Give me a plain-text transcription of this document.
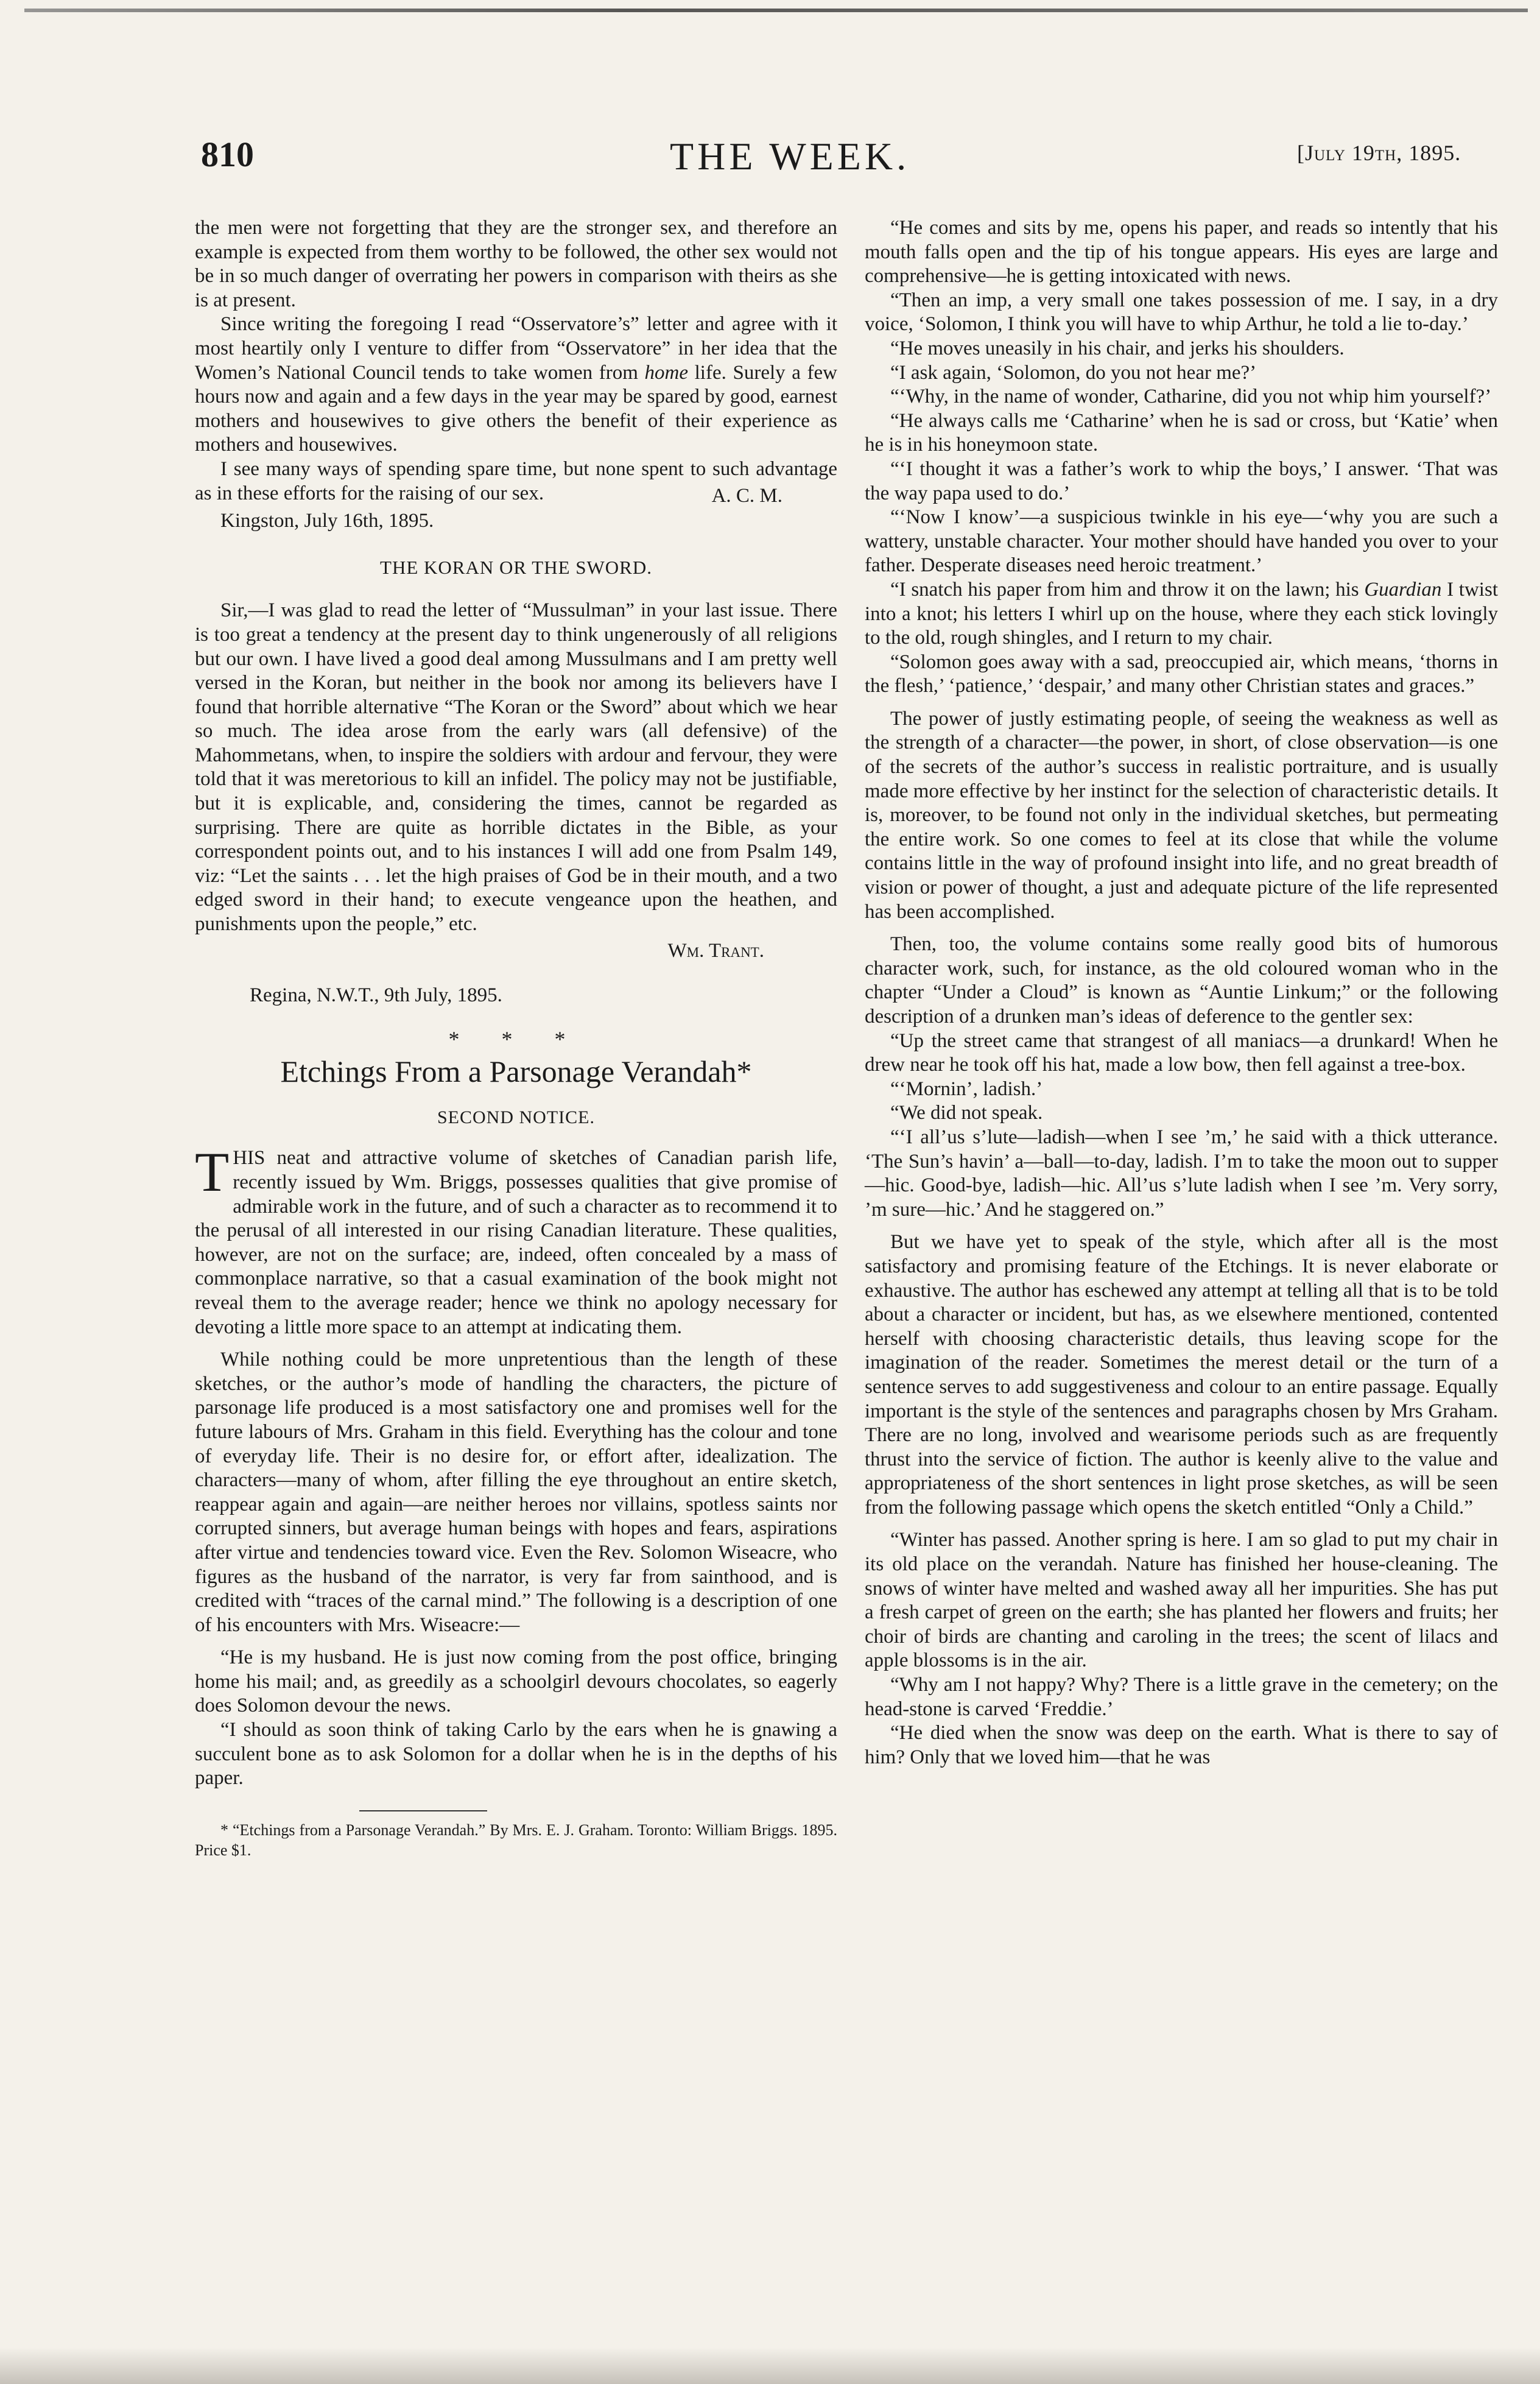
810	THE WEEK.	[July 19th, 1895.

the men were not forgetting that they are the stronger sex, and therefore an example is expected from them worthy to be followed, the other sex would not be in so much danger of overrating her powers in comparison with theirs as she is at present.

Since writing the foregoing I read “Osservatore’s” letter and agree with it most heartily only I venture to differ from “Osservatore” in her idea that the Women’s National Council tends to take women from home life. Surely a few hours now and again and a few days in the year may be spared by good, earnest mothers and housewives to give others the benefit of their experience as mothers and housewives.

I see many ways of spending spare time, but none spent to such advantage as in these efforts for the raising of our sex.	A. C. M.

Kingston, July 16th, 1895.

THE KORAN OR THE SWORD.

Sir,—I was glad to read the letter of “Mussulman” in your last issue. There is too great a tendency at the present day to think ungenerously of all religions but our own. I have lived a good deal among Mussulmans and I am pretty well versed in the Koran, but neither in the book nor among its believers have I found that horrible alternative “The Koran or the Sword” about which we hear so much. The idea arose from the early wars (all defensive) of the Mahommetans, when, to inspire the soldiers with ardour and fervour, they were told that it was meretorious to kill an infidel. The policy may not be justifiable, but it is explicable, and, considering the times, cannot be regarded as surprising. There are quite as horrible dictates in the Bible, as your correspondent points out, and to his instances I will add one from Psalm 149, viz: “Let the saints . . . let the high praises of God be in their mouth, and a two edged sword in their hand; to execute vengeance upon the heathen, and punishments upon the people,” etc.

Wm. Trant.

Regina, N.W.T., 9th July, 1895.

* * *
Etchings From a Parsonage Verandah*
SECOND NOTICE.

THIS neat and attractive volume of sketches of Canadian parish life, recently issued by Wm. Briggs, possesses qualities that give promise of admirable work in the future, and of such a character as to recommend it to the perusal of all interested in our rising Canadian literature. These qualities, however, are not on the surface; are, indeed, often concealed by a mass of commonplace narrative, so that a casual examination of the book might not reveal them to the average reader; hence we think no apology necessary for devoting a little more space to an attempt at indicating them.

While nothing could be more unpretentious than the length of these sketches, or the author’s mode of handling the characters, the picture of parsonage life produced is a most satisfactory one and promises well for the future labours of Mrs. Graham in this field. Everything has the colour and tone of everyday life. Their is no desire for, or effort after, idealization. The characters—many of whom, after filling the eye throughout an entire sketch, reappear again and again—are neither heroes nor villains, spotless saints nor corrupted sinners, but average human beings with hopes and fears, aspirations after virtue and tendencies toward vice. Even the Rev. Solomon Wiseacre, who figures as the husband of the narrator, is very far from sainthood, and is credited with “traces of the carnal mind.” The following is a description of one of his encounters with Mrs. Wiseacre:—

“He is my husband. He is just now coming from the post office, bringing home his mail; and, as greedily as a schoolgirl devours chocolates, so eagerly does Solomon devour the news.

“I should as soon think of taking Carlo by the ears when he is gnawing a succulent bone as to ask Solomon for a dollar when he is in the depths of his paper.

* “Etchings from a Parsonage Verandah.” By Mrs. E. J. Graham. Toronto: William Briggs. 1895. Price $1.

“He comes and sits by me, opens his paper, and reads so intently that his mouth falls open and the tip of his tongue appears. His eyes are large and comprehensive—he is getting intoxicated with news.

“Then an imp, a very small one takes possession of me. I say, in a dry voice, ‘Solomon, I think you will have to whip Arthur, he told a lie to-day.’

“He moves uneasily in his chair, and jerks his shoulders.

“I ask again, ‘Solomon, do you not hear me?’

“‘Why, in the name of wonder, Catharine, did you not whip him yourself?’

“He always calls me ‘Catharine’ when he is sad or cross, but ‘Katie’ when he is in his honeymoon state.

“‘I thought it was a father’s work to whip the boys,’ I answer. ‘That was the way papa used to do.’

“‘Now I know’—a suspicious twinkle in his eye—‘why you are such a wattery, unstable character. Your mother should have handed you over to your father. Desperate diseases need heroic treatment.’

“I snatch his paper from him and throw it on the lawn; his Guardian I twist into a knot; his letters I whirl up on the house, where they each stick lovingly to the old, rough shingles, and I return to my chair.

“Solomon goes away with a sad, preoccupied air, which means, ‘thorns in the flesh,’ ‘patience,’ ‘despair,’ and many other Christian states and graces.”

The power of justly estimating people, of seeing the weakness as well as the strength of a character—the power, in short, of close observation—is one of the secrets of the author’s success in realistic portraiture, and is usually made more effective by her instinct for the selection of characteristic details. It is, moreover, to be found not only in the individual sketches, but permeating the entire work. So one comes to feel at its close that while the volume contains little in the way of profound insight into life, and no great breadth of vision or power of thought, a just and adequate picture of the life represented has been accomplished.

Then, too, the volume contains some really good bits of humorous character work, such, for instance, as the old coloured woman who in the chapter “Under a Cloud” is known as “Auntie Linkum;” or the following description of a drunken man’s ideas of deference to the gentler sex:

“Up the street came that strangest of all maniacs—a drunkard! When he drew near he took off his hat, made a low bow, then fell against a tree-box.

“‘Mornin’, ladish.’

“We did not speak.

“‘I all’us s’lute—ladish—when I see ’m,’ he said with a thick utterance. ‘The Sun’s havin’ a—ball—to-day, ladish. I’m to take the moon out to supper—hic. Good-bye, ladish—hic. All’us s’lute ladish when I see ’m. Very sorry, ’m sure—hic.’ And he staggered on.”

But we have yet to speak of the style, which after all is the most satisfactory and promising feature of the Etchings. It is never elaborate or exhaustive. The author has eschewed any attempt at telling all that is to be told about a character or incident, but has, as we elsewhere mentioned, contented herself with choosing characteristic details, thus leaving scope for the imagination of the reader. Sometimes the merest detail or the turn of a sentence serves to add suggestiveness and colour to an entire passage. Equally important is the style of the sentences and paragraphs chosen by Mrs Graham. There are no long, involved and wearisome periods such as are frequently thrust into the service of fiction. The author is keenly alive to the value and appropriateness of the short sentences in light prose sketches, as will be seen from the following passage which opens the sketch entitled “Only a Child.”

“Winter has passed. Another spring is here. I am so glad to put my chair in its old place on the verandah. Nature has finished her house-cleaning. The snows of winter have melted and washed away all her impurities. She has put a fresh carpet of green on the earth; she has planted her flowers and fruits; her choir of birds are chanting and caroling in the trees; the scent of lilacs and apple blossoms is in the air.

“Why am I not happy? Why? There is a little grave in the cemetery; on the head-stone is carved ‘Freddie.’

“He died when the snow was deep on the earth. What is there to say of him? Only that we loved him—that he was
